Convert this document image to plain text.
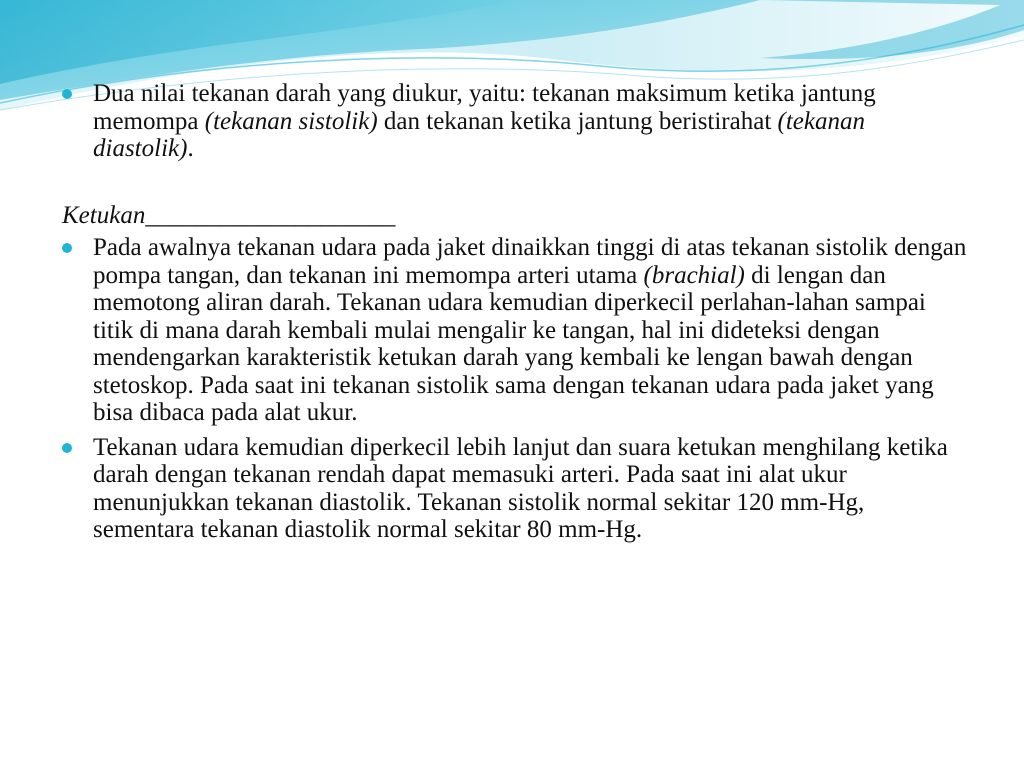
Dua nilai tekanan darah yang diukur, yaitu: tekanan maksimum ketika jantung memompa (tekanan sistolik) dan tekanan ketika jantung beristirahat (tekanan diastolik).

Ketukan____________________

Pada awalnya tekanan udara pada jaket dinaikkan tinggi di atas tekanan sistolik dengan pompa tangan, dan tekanan ini memompa arteri utama (brachial) di lengan dan memotong aliran darah. Tekanan udara kemudian diperkecil perlahan-lahan sampai titik di mana darah kembali mulai mengalir ke tangan, hal ini dideteksi dengan mendengarkan karakteristik ketukan darah yang kembali ke lengan bawah dengan stetoskop. Pada saat ini tekanan sistolik sama dengan tekanan udara pada jaket yang bisa dibaca pada alat ukur.

Tekanan udara kemudian diperkecil lebih lanjut dan suara ketukan menghilang ketika darah dengan tekanan rendah dapat memasuki arteri. Pada saat ini alat ukur menunjukkan tekanan diastolik. Tekanan sistolik normal sekitar 120 mm-Hg, sementara tekanan diastolik normal sekitar 80 mm-Hg.
